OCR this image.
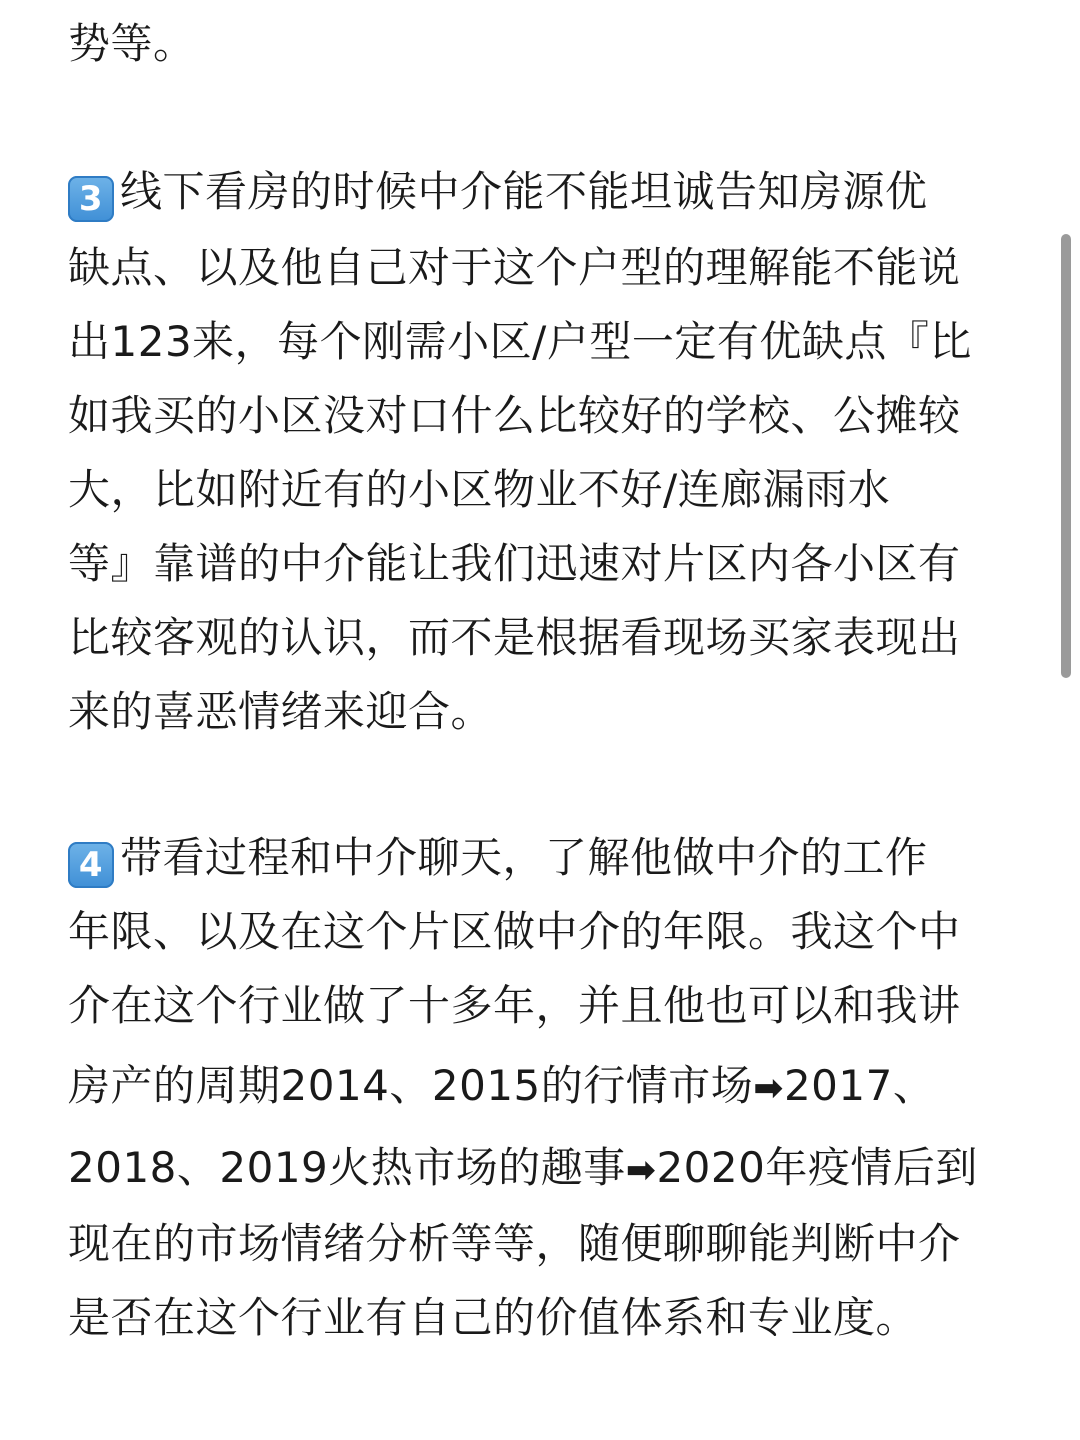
势等。
3 线下看房的时候中介能不能坦诚告知房源优
缺点、以及他自己对于这个户型的理解能不能说
出123来，每个刚需小区/户型一定有优缺点『比
如我买的小区没对口什么比较好的学校、公摊较
大，比如附近有的小区物业不好/连廊漏雨水
等』靠谱的中介能让我们迅速对片区内各小区有
比较客观的认识，而不是根据看现场买家表现出
来的喜恶情绪来迎合。
4 带看过程和中介聊天，了解他做中介的工作
年限、以及在这个片区做中介的年限。我这个中
介在这个行业做了十多年，并且他也可以和我讲
房产的周期2014、2015的行情市场➡2017、
2018、2019火热市场的趣事➡2020年疫情后到
现在的市场情绪分析等等，随便聊聊能判断中介
是否在这个行业有自己的价值体系和专业度。
